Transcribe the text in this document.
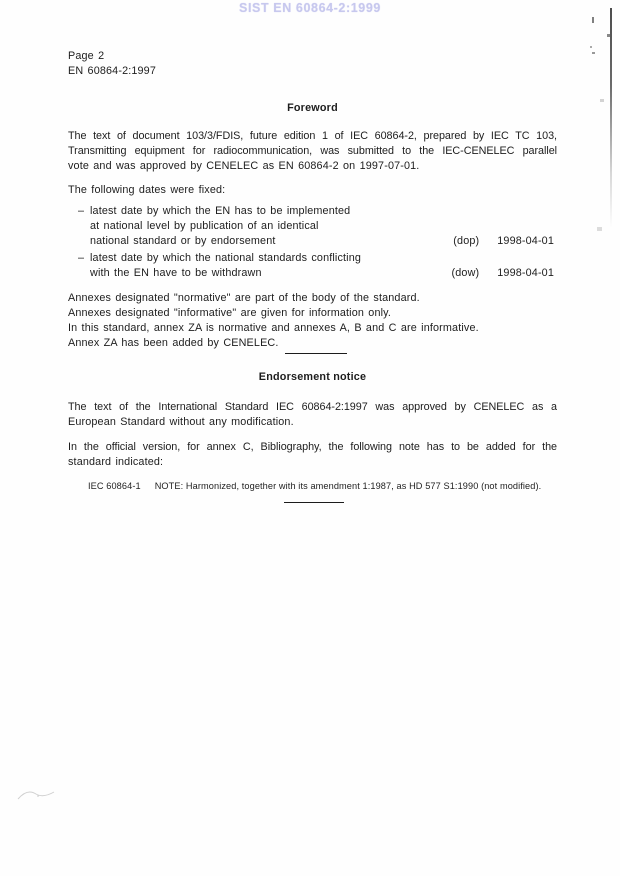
SIST EN 60864-2:1999
Page 2
EN 60864-2:1997
Foreword
The text of document 103/3/FDIS, future edition 1 of IEC 60864-2, prepared by IEC TC 103,
Transmitting equipment for radiocommunication, was submitted to the IEC-CENELEC parallel
vote and was approved by CENELEC as EN 60864-2 on 1997-07-01.
The following dates were fixed:
– latest date by which the EN has to be implemented
at national level by publication of an identical
national standard or by endorsement	(dop) 1998-04-01
– latest date by which the national standards conflicting
with the EN have to be withdrawn	(dow) 1998-04-01
Annexes designated "normative" are part of the body of the standard.
Annexes designated "informative" are given for information only.
In this standard, annex ZA is normative and annexes A, B and C are informative.
Annex ZA has been added by CENELEC.
Endorsement notice
The text of the International Standard IEC 60864-2:1997 was approved by CENELEC as a
European Standard without any modification.
In the official version, for annex C, Bibliography, the following note has to be added for the
standard indicated:
IEC 60864-1 NOTE: Harmonized, together with its amendment 1:1987, as HD 577 S1:1990 (not modified).
